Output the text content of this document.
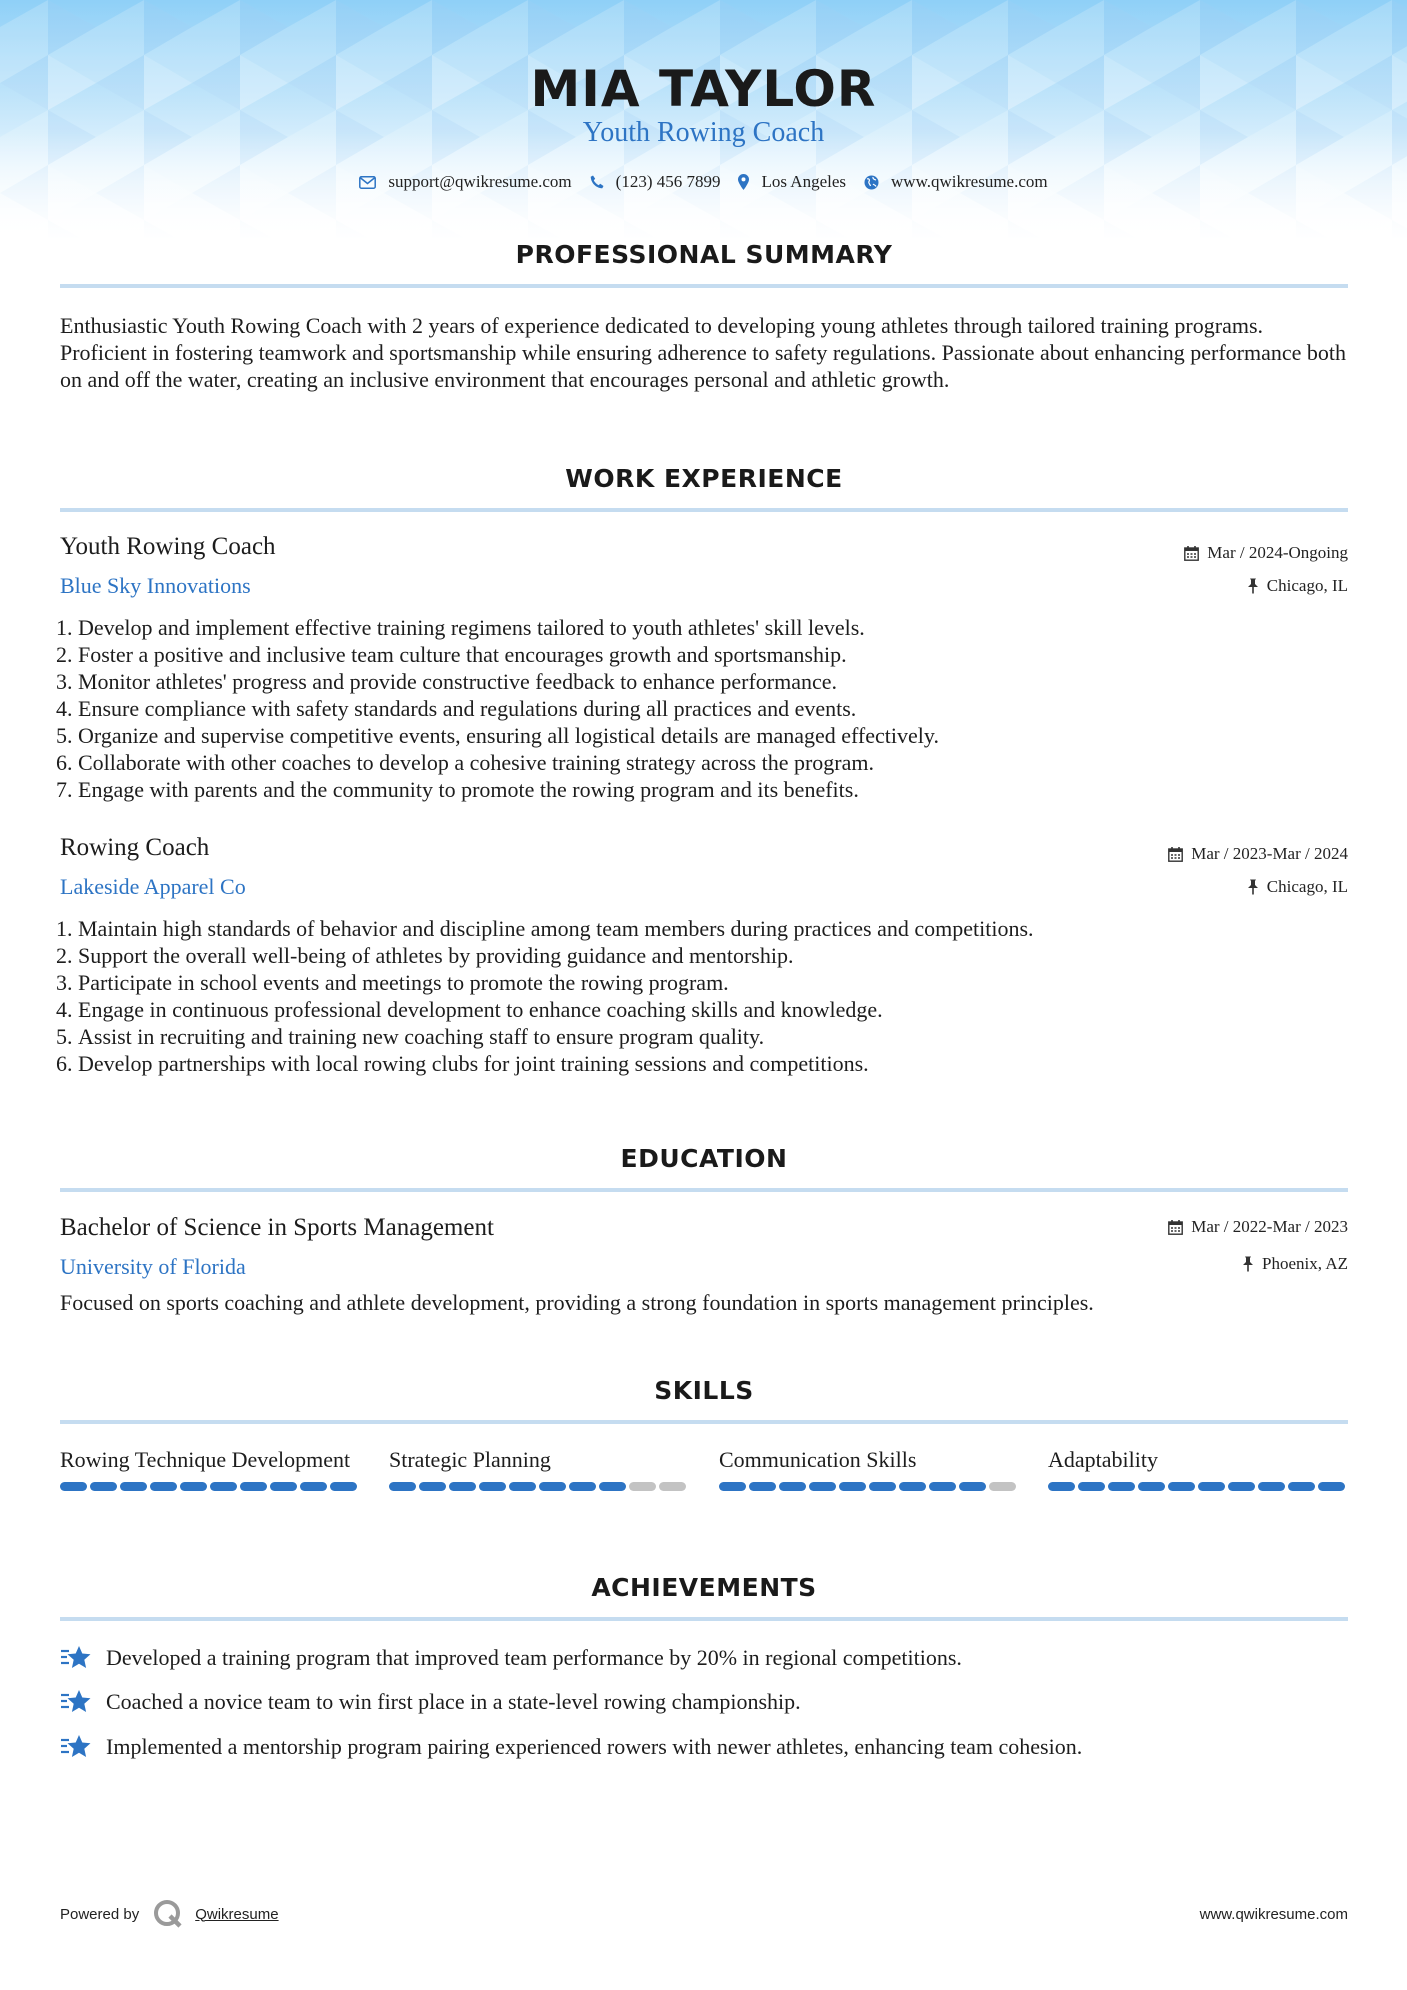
MIA TAYLOR
Youth Rowing Coach
support@qwikresume.com	(123) 456 7899 Los Angeles	www.qwikresume.com
PROFESSIONAL SUMMARY
Enthusiastic Youth Rowing Coach with 2 years of experience dedicated to developing young athletes through tailored training programs. Proficient in fostering teamwork and sportsmanship while ensuring adherence to safety regulations. Passionate about enhancing performance both on and off the water, creating an inclusive environment that encourages personal and athletic growth.
WORK EXPERIENCE
Youth Rowing Coach	Mar / 2024-Ongoing
Blue Sky Innovations	Chicago, IL
1. Develop and implement effective training regimens tailored to youth athletes' skill levels.
2. Foster a positive and inclusive team culture that encourages growth and sportsmanship.
3. Monitor athletes' progress and provide constructive feedback to enhance performance.
4. Ensure compliance with safety standards and regulations during all practices and events.
5. Organize and supervise competitive events, ensuring all logistical details are managed effectively.
6. Collaborate with other coaches to develop a cohesive training strategy across the program.
7. Engage with parents and the community to promote the rowing program and its benefits.
Rowing Coach	Mar / 2023-Mar / 2024
Lakeside Apparel Co	Chicago, IL
1. Maintain high standards of behavior and discipline among team members during practices and competitions.
2. Support the overall well-being of athletes by providing guidance and mentorship.
3. Participate in school events and meetings to promote the rowing program.
4. Engage in continuous professional development to enhance coaching skills and knowledge.
5. Assist in recruiting and training new coaching staff to ensure program quality.
6. Develop partnerships with local rowing clubs for joint training sessions and competitions.
EDUCATION
Bachelor of Science in Sports Management	Mar / 2022-Mar / 2023
University of Florida	Phoenix, AZ
Focused on sports coaching and athlete development, providing a strong foundation in sports management principles.
SKILLS
Rowing Technique Development	Strategic Planning	Communication Skills	Adaptability
ACHIEVEMENTS
Developed a training program that improved team performance by 20% in regional competitions.
Coached a novice team to win first place in a state-level rowing championship.
Implemented a mentorship program pairing experienced rowers with newer athletes, enhancing team cohesion.
Powered by	Qwikresume	www.qwikresume.com
